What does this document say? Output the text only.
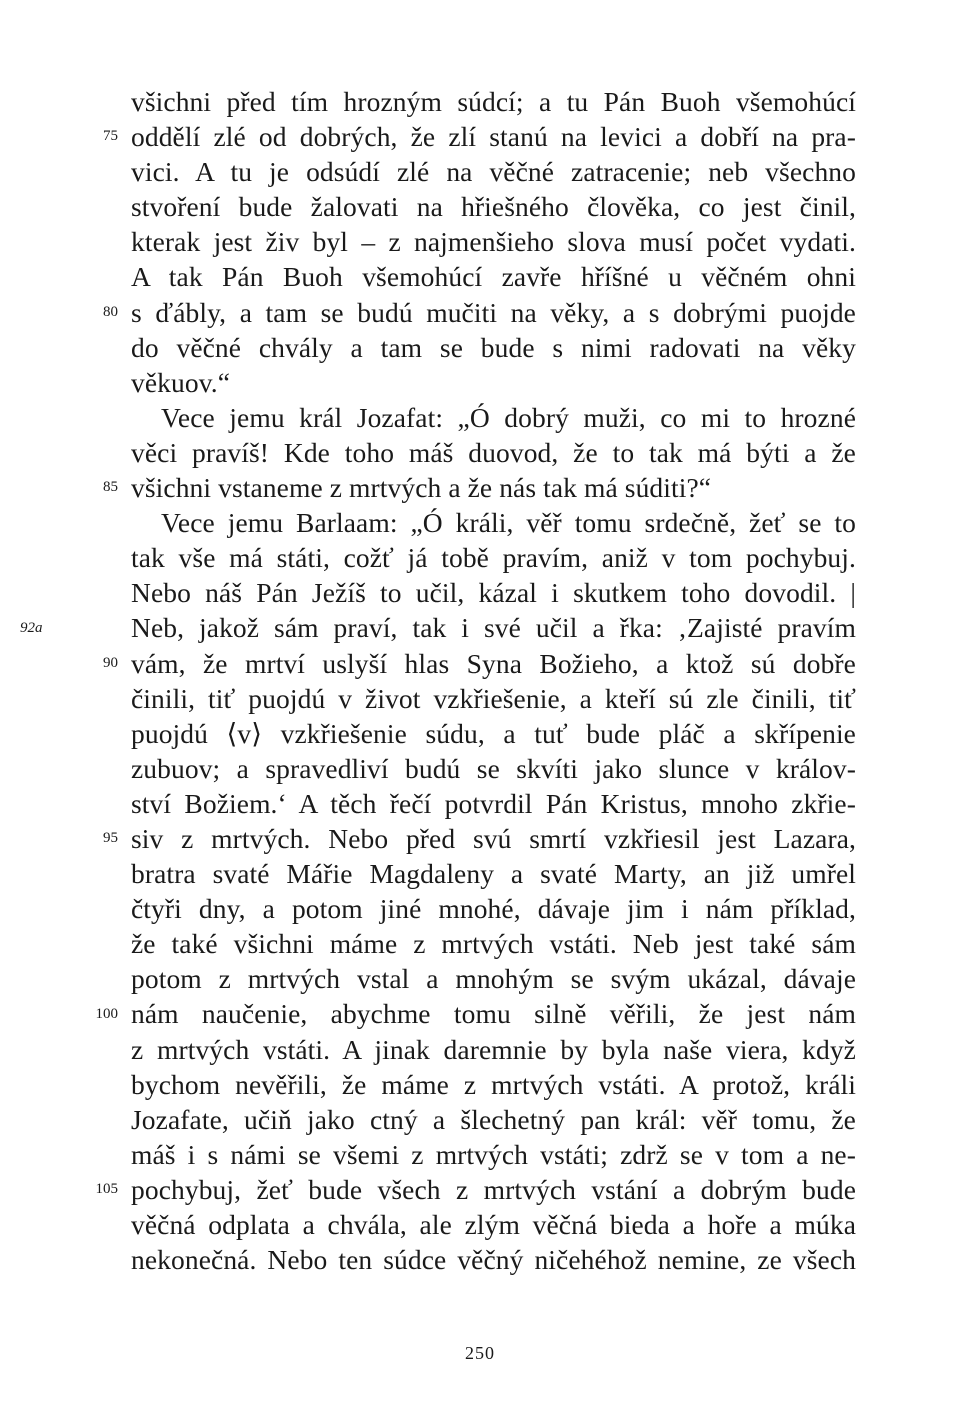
všichni před tím hrozným súdcí; a tu Pán Buoh všemohúcí
oddělí zlé od dobrých, že zlí stanú na levici a dobří na pra-
vici. A tu je odsúdí zlé na věčné zatracenie; neb všechno
stvoření bude žalovati na hřiešného člověka, co jest činil,
kterak jest živ byl – z najmenšieho slova musí počet vydati.
A tak Pán Buoh všemohúcí zavře hříšné u věčném ohni
s ďábly, a tam se budú mučiti na věky, a s dobrými puojde
do věčné chvály a tam se bude s nimi radovati na věky
věkuov.“
Vece jemu král Jozafat: „Ó dobrý muži, co mi to hrozné
věci pravíš! Kde toho máš duovod, že to tak má býti a že
všichni vstaneme z mrtvých a že nás tak má súditi?“
Vece jemu Barlaam: „Ó králi, věř tomu srdečně, žeť se to
tak vše má státi, cožť já tobě pravím, aniž v tom pochybuj.
Nebo náš Pán Ježíš to učil, kázal i skutkem toho dovodil. |
Neb, jakož sám praví, tak i své učil a řka: ‚Zajisté pravím
vám, že mrtví uslyší hlas Syna Božieho, a ktož sú dobře
činili, tiť puojdú v život vzkřiešenie, a kteří sú zle činili, tiť
puojdú ⟨v⟩ vzkřiešenie súdu, a tuť bude pláč a skřípenie
zubuov; a spravedliví budú se skvíti jako slunce v králov-
ství Božiem.‘ A těch řečí potvrdil Pán Kristus, mnoho zkřie-
siv z mrtvých. Nebo před svú smrtí vzkřiesil jest Lazara,
bratra svaté Mářie Magdaleny a svaté Marty, an již umřel
čtyři dny, a potom jiné mnohé, dávaje jim i nám příklad,
že také všichni máme z mrtvých vstáti. Neb jest také sám
potom z mrtvých vstal a mnohým se svým ukázal, dávaje
nám naučenie, abychme tomu silně věřili, že jest nám
z mrtvých vstáti. A jinak daremnie by byla naše viera, když
bychom nevěřili, že máme z mrtvých vstáti. A protož, králi
Jozafate, učiň jako ctný a šlechetný pan král: věř tomu, že
máš i s námi se všemi z mrtvých vstáti; zdrž se v tom a ne-
pochybuj, žeť bude všech z mrtvých vstání a dobrým bude
věčná odplata a chvála, ale zlým věčná bieda a hoře a múka
nekonečná. Nebo ten súdce věčný ničehéhož nemine, ze všech
75
80
85
90
95
100
105
92a
250
